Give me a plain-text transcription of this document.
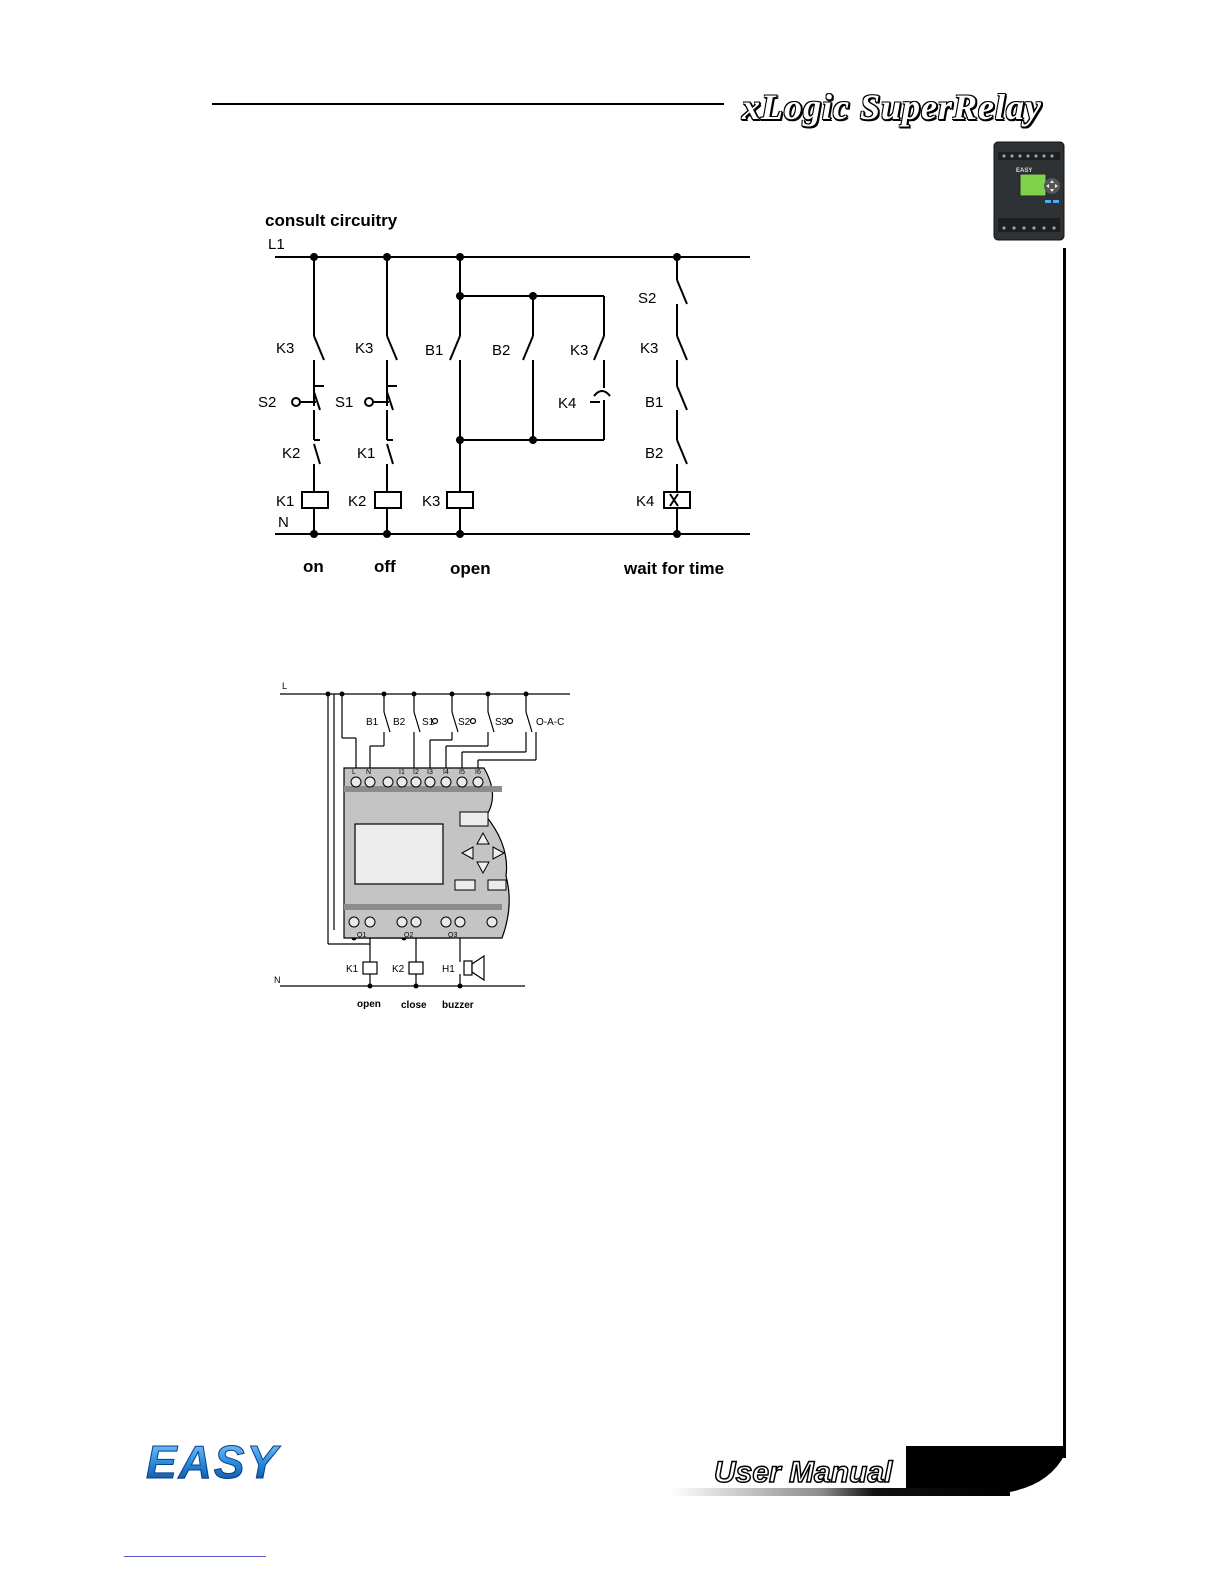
xLogic SuperRelay
EASY
consult circuitry
L1
N
K3
S2
K2
K1
K3
S1
K1
K2
B1	B2	K3
K4
K3
S2
K3
B1
B2
K4
on	off	open	wait for time
L
N
B1 B2 S1 S2 S3	O-A-C
L N	I1 I2 I3 I4 I5 I6
Q1	Q2	Q3
K1	K2	H1
open close buzzer
EASY	User Manual
